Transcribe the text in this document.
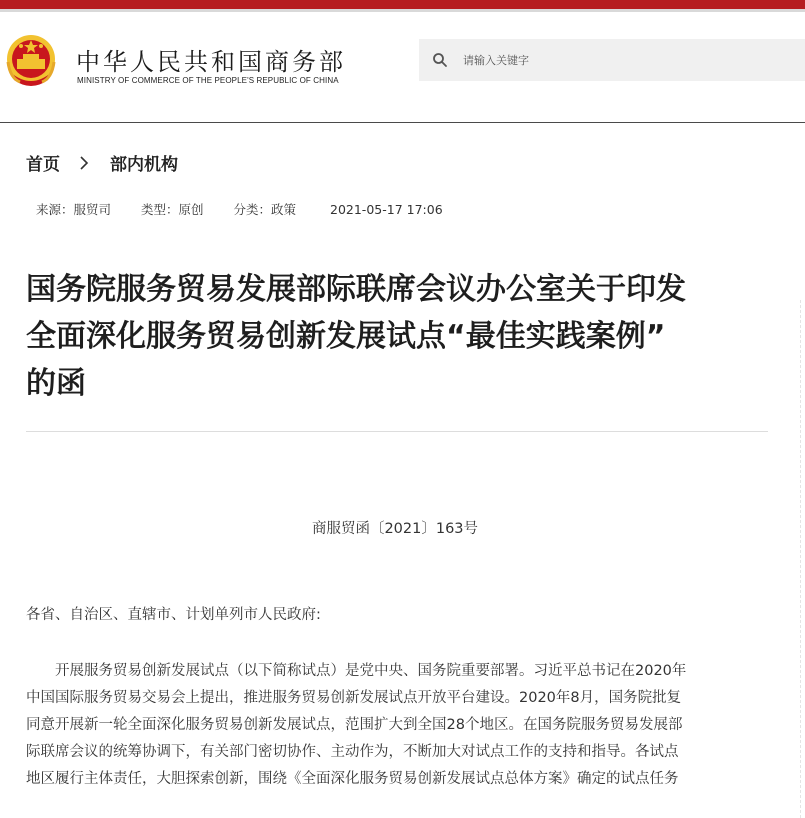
中华人民共和国商务部
MINISTRY OF COMMERCE OF THE PEOPLE'S REPUBLIC OF CHINA
请输入关键字
首页	部内机构
来源：服贸司 类型：原创 分类：政策	2021-05-17 17:06
国务院服务贸易发展部际联席会议办公室关于印发
全面深化服务贸易创新发展试点“最佳实践案例”
的函
商服贸函〔2021〕163号
各省、自治区、直辖市、计划单列市人民政府:
开展服务贸易创新发展试点（以下简称试点）是党中央、国务院重要部署。习近平总书记在2020年
中国国际服务贸易交易会上提出，推进服务贸易创新发展试点开放平台建设。2020年8月，国务院批复
同意开展新一轮全面深化服务贸易创新发展试点，范围扩大到全国28个地区。在国务院服务贸易发展部
际联席会议的统筹协调下，有关部门密切协作、主动作为，不断加大对试点工作的支持和指导。各试点
地区履行主体责任，大胆探索创新，围绕《全面深化服务贸易创新发展试点总体方案》确定的试点任务
